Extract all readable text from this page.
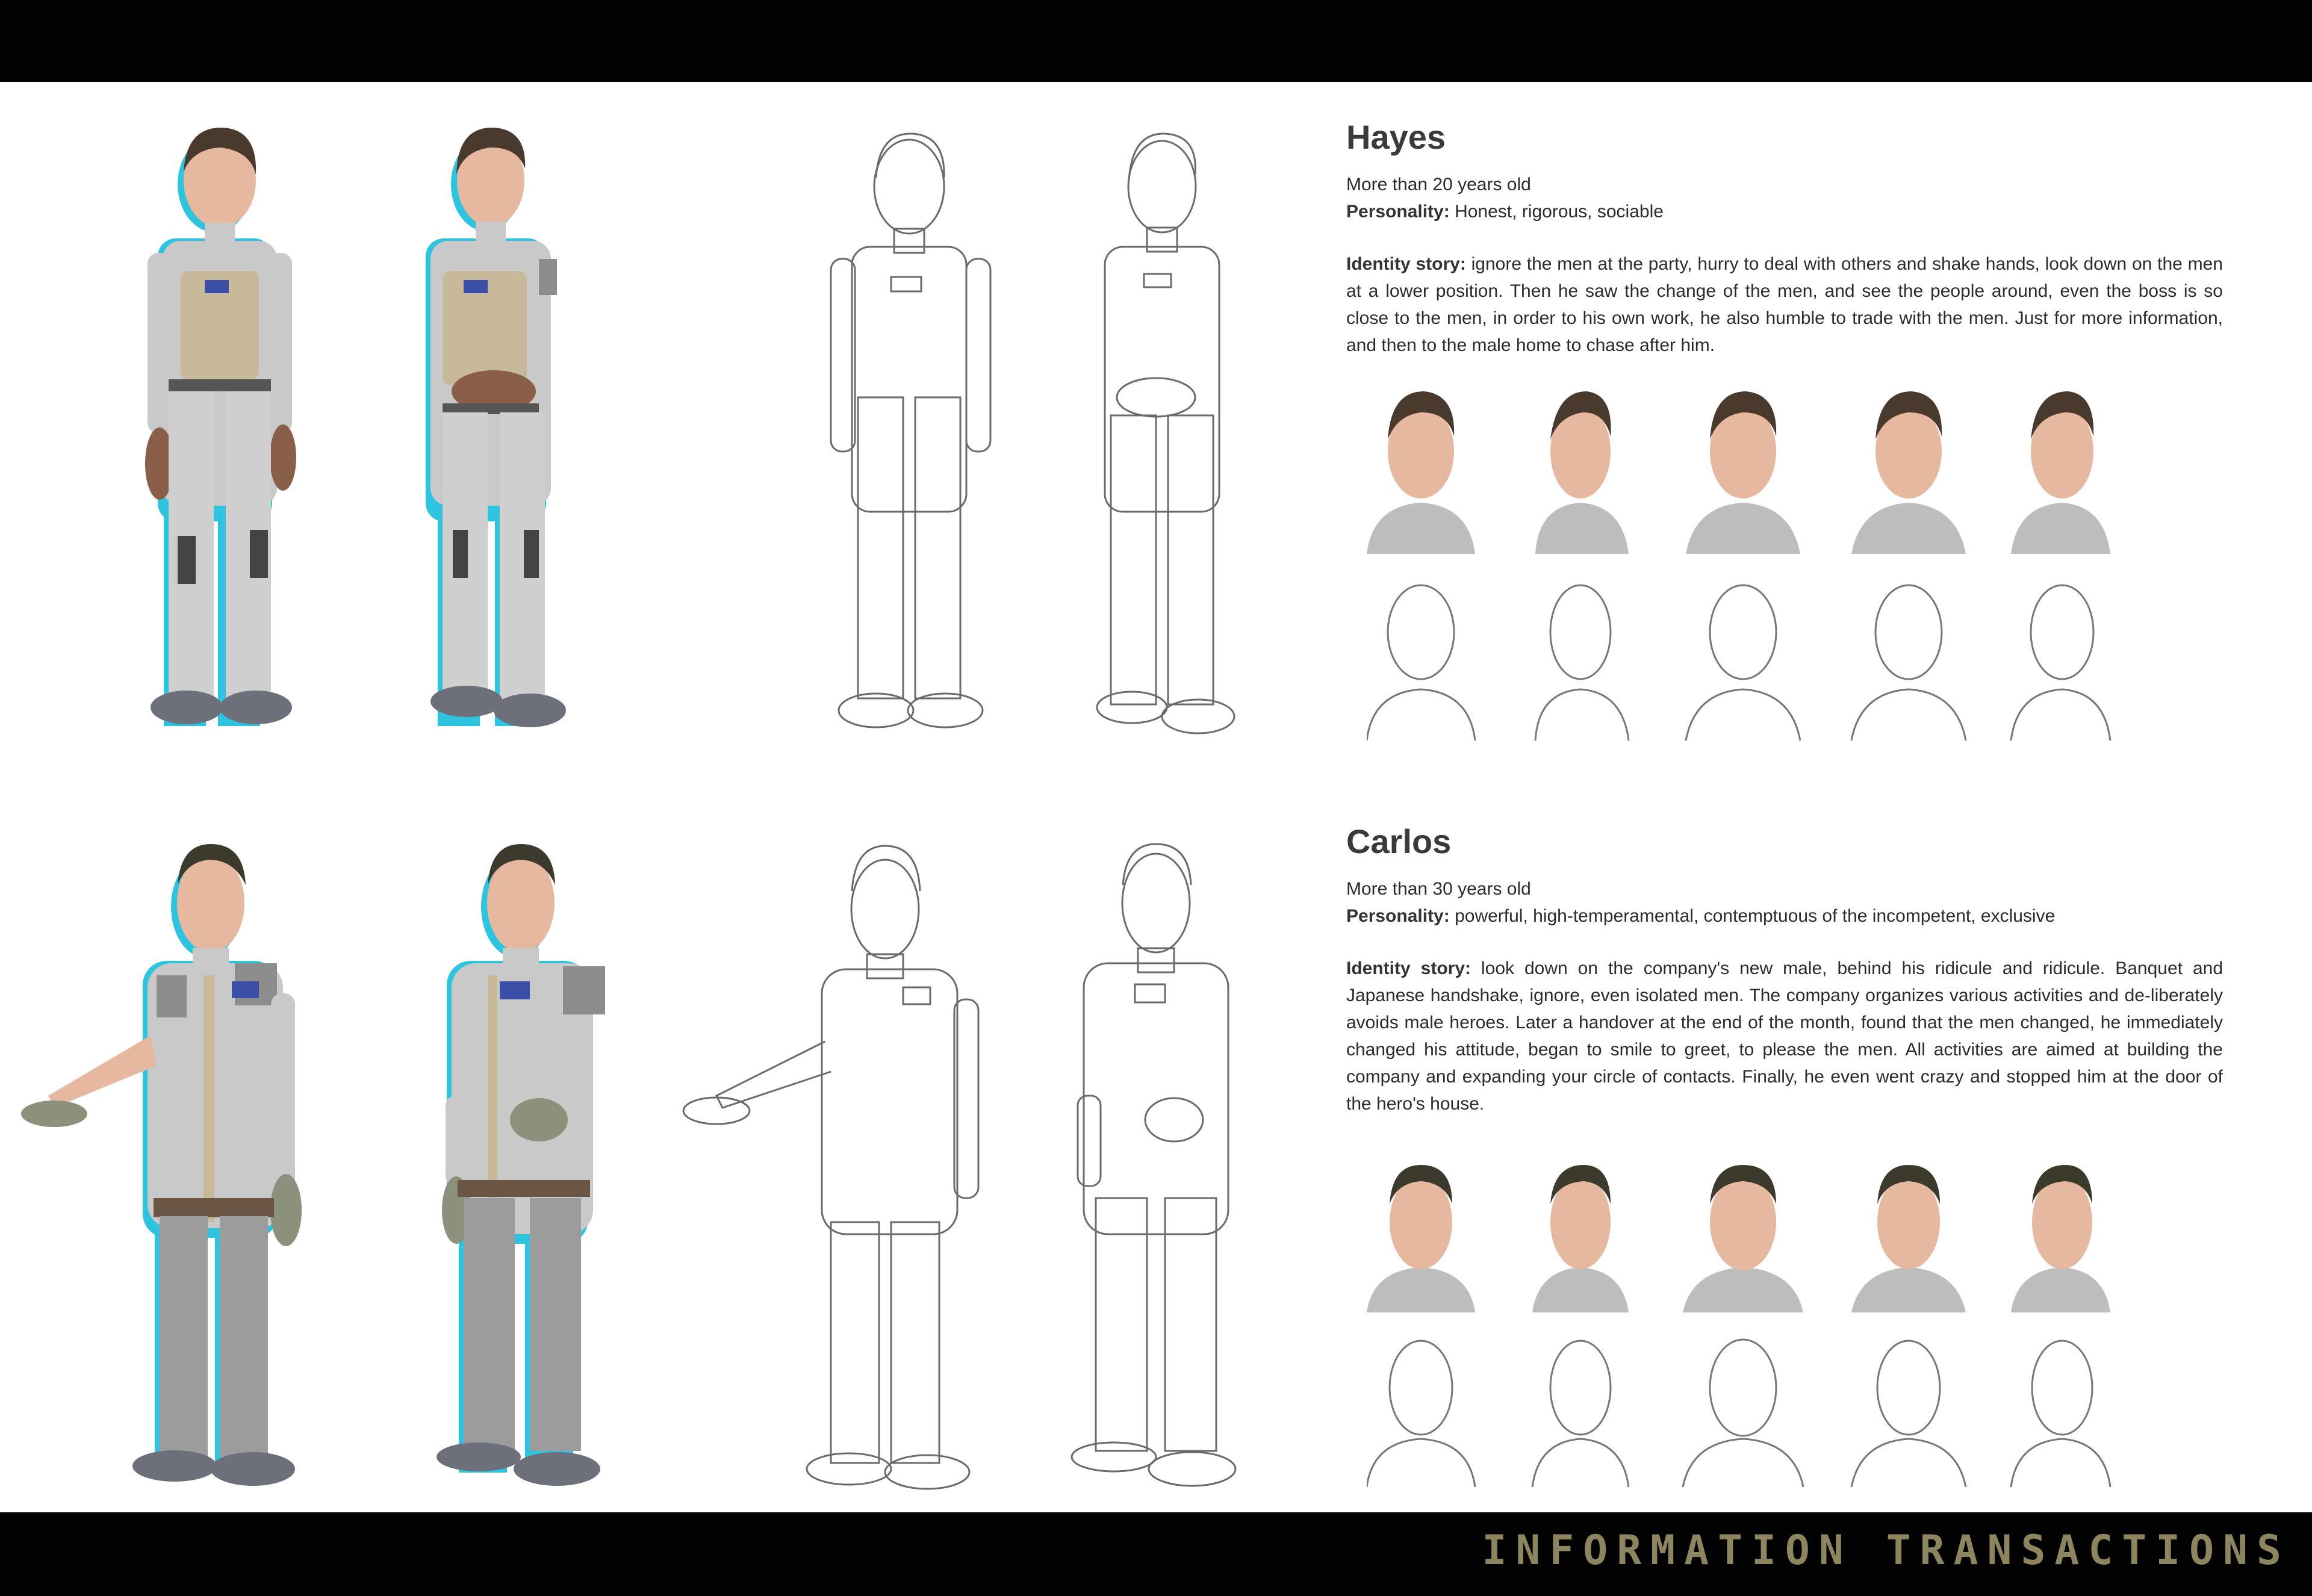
Hayes
More than 20 years old
Personality: Honest, rigorous, sociable
Identity story: ignore the men at the party, hurry to deal with others and shake hands, look down on the men at a lower position. Then he saw the change of the men, and see the people around, even the boss is so close to the men, in order to his own work, he also humble to trade with the men. Just for more information, and then to the male home to chase after him.
Carlos
More than 30 years old
Personality: powerful, high-temperamental, contemptuous of the incompetent, exclusive
Identity story: look down on the company's new male, behind his ridicule and ridicule. Banquet and Japanese handshake, ignore, even isolated men. The company organizes various activities and de-liberately avoids male heroes. Later a handover at the end of the month, found that the men changed, he immediately changed his attitude, began to smile to greet, to please the men. All activities are aimed at building the company and expanding your circle of contacts. Finally, he even went crazy and stopped him at the door of the hero's house.
INFORMATION TRANSACTIONS
